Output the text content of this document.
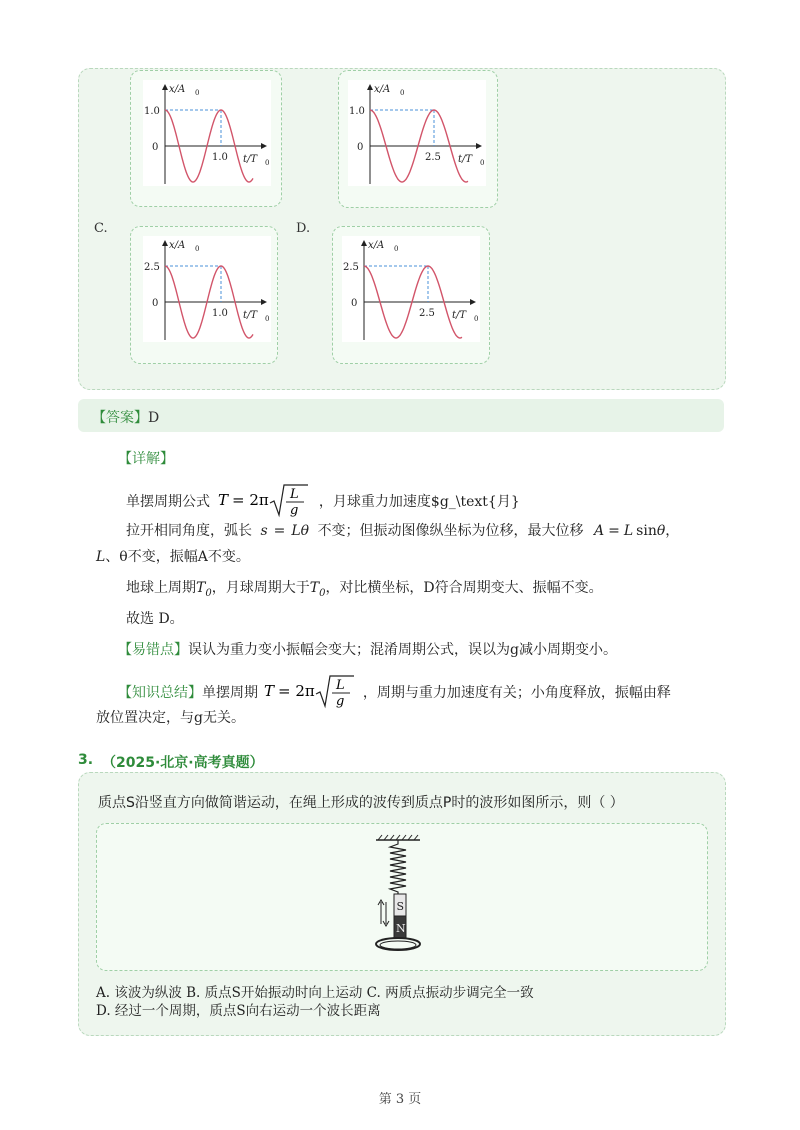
C.	D.
x/A 0
1.0
0
1.0 t/T 0
x/A 0
1.0
0
2.5 t/T 0
x/A 0
2.5
0
1.0 t/T 0
x/A 0
2.5
0
2.5 t/T 0
【答案】D
【详解】
单摆周期公式 T = 2π L
g
，月球重力加速度$g_\text{月}
拉开相同角度，弧长 s = Lθ 不变；但振动图像纵坐标为位移，最大位移 A = L sinθ，
L、θ不变，振幅A不变。
地球上周期$T_0$，月球周期大于$T_0$，对比横坐标，D符合周期变大、振幅不变。
故选 D。
【易错点】误认为重力变小振幅会变大；混淆周期公式，误以为g减小周期变小。
【知识总结】单摆周期 T = 2π L
g
，周期与重力加速度有关；小角度释放，振幅由释
放位置决定，与g无关。
3. （2025·北京·高考真题）
质点S沿竖直方向做简谐运动，在绳上形成的波传到质点P时的波形如图所示，则（ ）
S
N
A. 该波为纵波 B. 质点S开始振动时向上运动 C. 两质点振动步调完全一致
D. 经过一个周期，质点S向右运动一个波长距离
第 3 页
